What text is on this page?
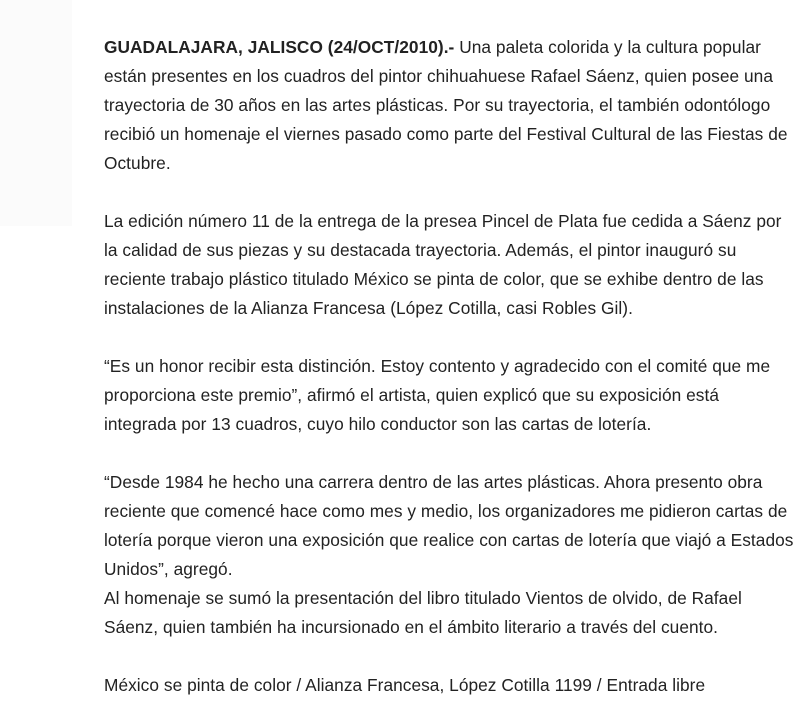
GUADALAJARA, JALISCO (24/OCT/2010).- Una paleta colorida y la cultura popular están presentes en los cuadros del pintor chihuahuese Rafael Sáenz, quien posee una trayectoria de 30 años en las artes plásticas. Por su trayectoria, el también odontólogo recibió un homenaje el viernes pasado como parte del Festival Cultural de las Fiestas de Octubre.

La edición número 11 de la entrega de la presea Pincel de Plata fue cedida a Sáenz por la calidad de sus piezas y su destacada trayectoria. Además, el pintor inauguró su reciente trabajo plástico titulado México se pinta de color, que se exhibe dentro de las instalaciones de la Alianza Francesa (López Cotilla, casi Robles Gil).

“Es un honor recibir esta distinción. Estoy contento y agradecido con el comité que me proporciona este premio”, afirmó el artista, quien explicó que su exposición está integrada por 13 cuadros, cuyo hilo conductor son las cartas de lotería.

“Desde 1984 he hecho una carrera dentro de las artes plásticas. Ahora presento obra reciente que comencé hace como mes y medio, los organizadores me pidieron cartas de lotería porque vieron una exposición que realice con cartas de lotería que viajó a Estados Unidos”, agregó.

Al homenaje se sumó la presentación del libro titulado Vientos de olvido, de Rafael Sáenz, quien también ha incursionado en el ámbito literario a través del cuento.

México se pinta de color / Alianza Francesa, López Cotilla 1199 / Entrada libre
